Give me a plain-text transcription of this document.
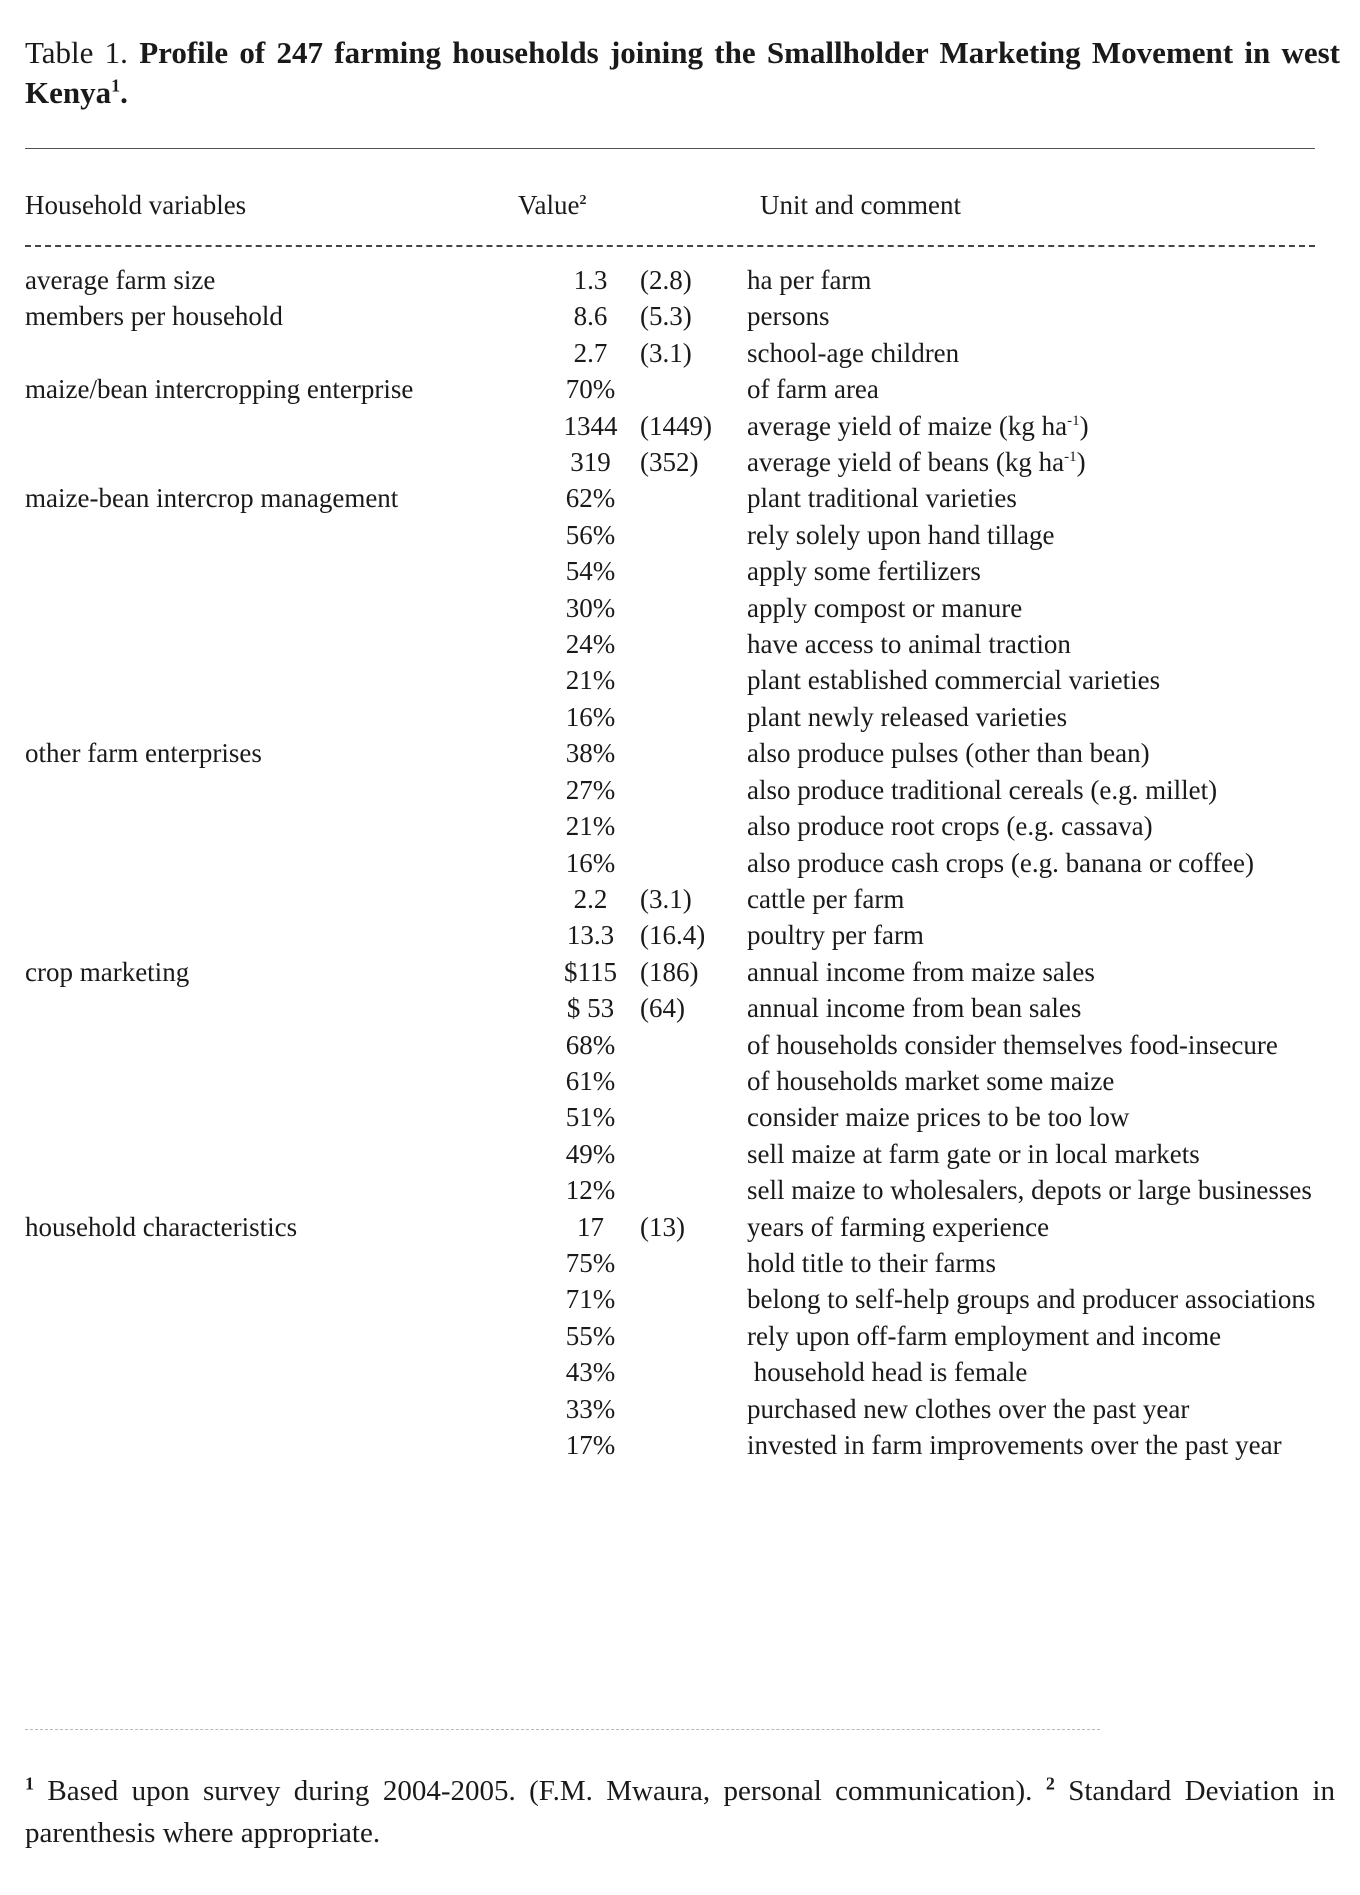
Table 1. Profile of 247 farming households joining the Smallholder Marketing Movement in west Kenya$^1$.
Household variables	Value$^2$	Unit and comment
average farm size	1.3	(2.8) ha per farm
members per household	8.6	(5.3) persons
2.7	(3.1) school-age children
maize/bean intercropping enterprise	70%	of farm area
1344 (1449) average yield of maize (kg $ha^{-1}$)
319	(352) average yield of beans (kg $ha^{-1}$)
maize-bean intercrop management	62%	plant traditional varieties
56%	rely solely upon hand tillage
54%	apply some fertilizers
30%	apply compost or manure
24%	have access to animal traction
21%	plant established commercial varieties
16%	plant newly released varieties
other farm enterprises	38%	also produce pulses (other than bean)
27%	also produce traditional cereals (e.g. millet)
21%	also produce root crops (e.g. cassava)
16%	also produce cash crops (e.g. banana or coffee)
2.2	(3.1) cattle per farm
13.3 (16.4) poultry per farm
crop marketing	$115 (186) annual income from maize sales
$ 53 (64) annual income from bean sales
68%	of households consider themselves food-insecure
61%	of households market some maize
51%	consider maize prices to be too low
49%	sell maize at farm gate or in local markets
12%	sell maize to wholesalers, depots or large businesses
household characteristics	17	(13) years of farming experience
75%	hold title to their farms
71%	belong to self-help groups and producer associations
55%	rely upon off-farm employment and income
43%	household head is female
33%	purchased new clothes over the past year
17%	invested in farm improvements over the past year
$^1$ Based upon survey during 2004-2005. (F.M. Mwaura, personal communication). $^2$ Standard Deviation in parenthesis where appropriate.
